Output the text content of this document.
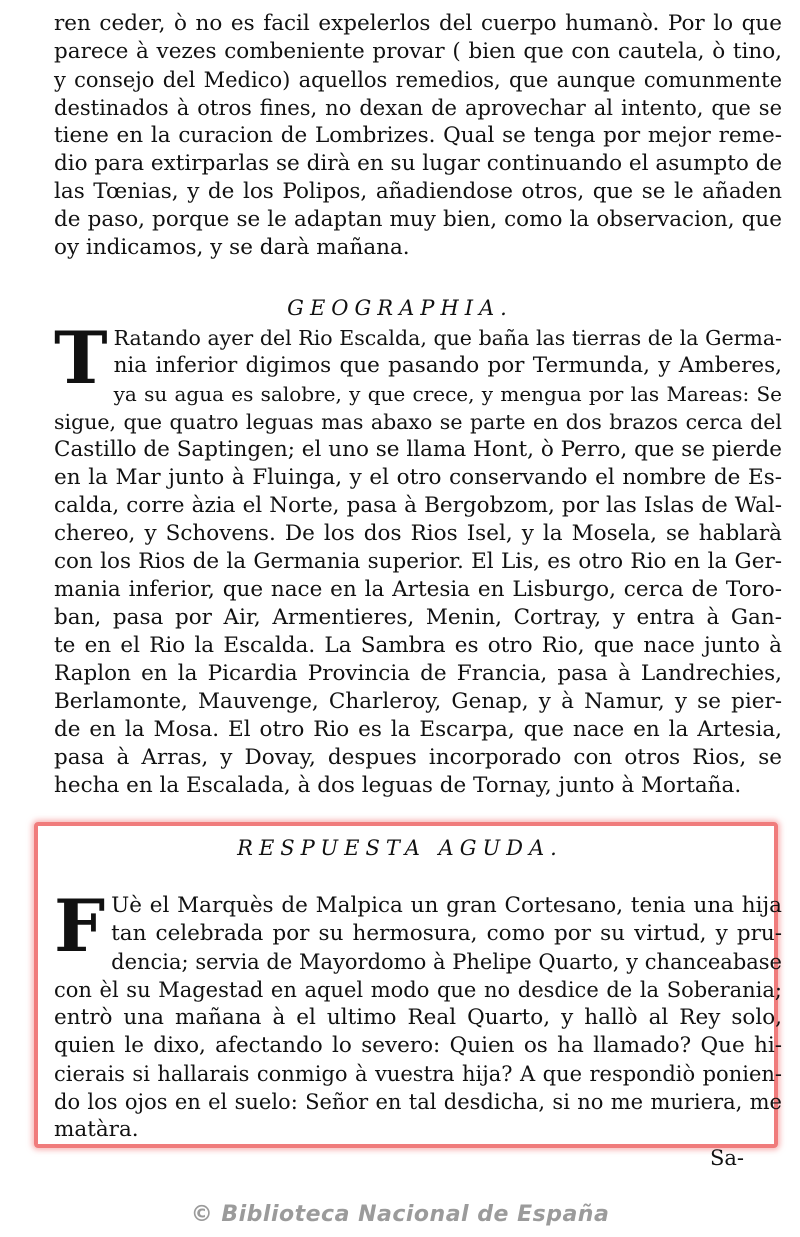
ren ceder, ò no es facil expelerlos del cuerpo humanò. Por lo que
parece à vezes combeniente provar ( bien que con cautela, ò tino,
y consejo del Medico) aquellos remedios, que aunque comunmente
destinados à otros fines, no dexan de aprovechar al intento, que se
tiene en la curacion de Lombrizes. Qual se tenga por mejor reme-
dio para extirparlas se dirà en su lugar continuando el asumpto de
las Tœnias, y de los Polipos, añadiendose otros, que se le añaden
de paso, porque se le adaptan muy bien, como la observacion, que
oy indicamos, y se darà mañana.
GEOGRAPHIA.
T Ratando ayer del Rio Escalda, que baña las tierras de la Germa-
nia inferior digimos que pasando por Termunda, y Amberes,
ya su agua es salobre, y que crece, y mengua por las Mareas: Se
sigue, que quatro leguas mas abaxo se parte en dos brazos cerca del
Castillo de Saptingen; el uno se llama Hont, ò Perro, que se pierde
en la Mar junto à Fluinga, y el otro conservando el nombre de Es-
calda, corre àzia el Norte, pasa à Bergobzom, por las Islas de Wal-
chereo, y Schovens. De los dos Rios Isel, y la Mosela, se hablarà
con los Rios de la Germania superior. El Lis, es otro Rio en la Ger-
mania inferior, que nace en la Artesia en Lisburgo, cerca de Toro-
ban, pasa por Air, Armentieres, Menin, Cortray, y entra à Gan-
te en el Rio la Escalda. La Sambra es otro Rio, que nace junto à
Raplon en la Picardia Provincia de Francia, pasa à Landrechies,
Berlamonte, Mauvenge, Charleroy, Genap, y à Namur, y se pier-
de en la Mosa. El otro Rio es la Escarpa, que nace en la Artesia,
pasa à Arras, y Dovay, despues incorporado con otros Rios, se
hecha en la Escalada, à dos leguas de Tornay, junto à Mortaña.
RESPUESTA AGUDA.
F Uè el Marquès de Malpica un gran Cortesano, tenia una hija
tan celebrada por su hermosura, como por su virtud, y pru-
dencia; servia de Mayordomo à Phelipe Quarto, y chanceabase
con èl su Magestad en aquel modo que no desdice de la Soberania;
entrò una mañana à el ultimo Real Quarto, y hallò al Rey solo,
quien le dixo, afectando lo severo: Quien os ha llamado? Que hi-
cierais si hallarais conmigo à vuestra hija? A que respondiò ponien-
do los ojos en el suelo: Señor en tal desdicha, si no me muriera, me
matàra.
Sa-
© Biblioteca Nacional de España
